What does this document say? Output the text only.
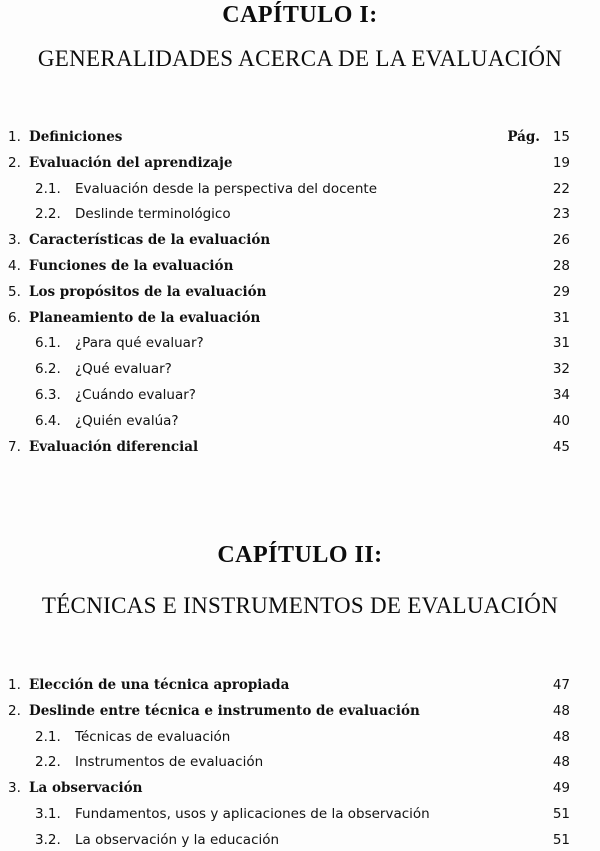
CAPÍTULO I:
GENERALIDADES ACERCA DE LA EVALUACIÓN
1. Definiciones	Pág. 15
2. Evaluación del aprendizaje	19
2.1. Evaluación desde la perspectiva del docente	22
2.2. Deslinde terminológico	23
3. Características de la evaluación	26
4. Funciones de la evaluación	28
5. Los propósitos de la evaluación	29
6. Planeamiento de la evaluación	31
6.1. ¿Para qué evaluar?	31
6.2. ¿Qué evaluar?	32
6.3. ¿Cuándo evaluar?	34
6.4. ¿Quién evalúa?	40
7. Evaluación diferencial	45
CAPÍTULO II:
TÉCNICAS E INSTRUMENTOS DE EVALUACIÓN
1. Elección de una técnica apropiada	47
2. Deslinde entre técnica e instrumento de evaluación	48
2.1. Técnicas de evaluación	48
2.2. Instrumentos de evaluación	48
3. La observación	49
3.1. Fundamentos, usos y aplicaciones de la observación	51
3.2. La observación y la educación	51
